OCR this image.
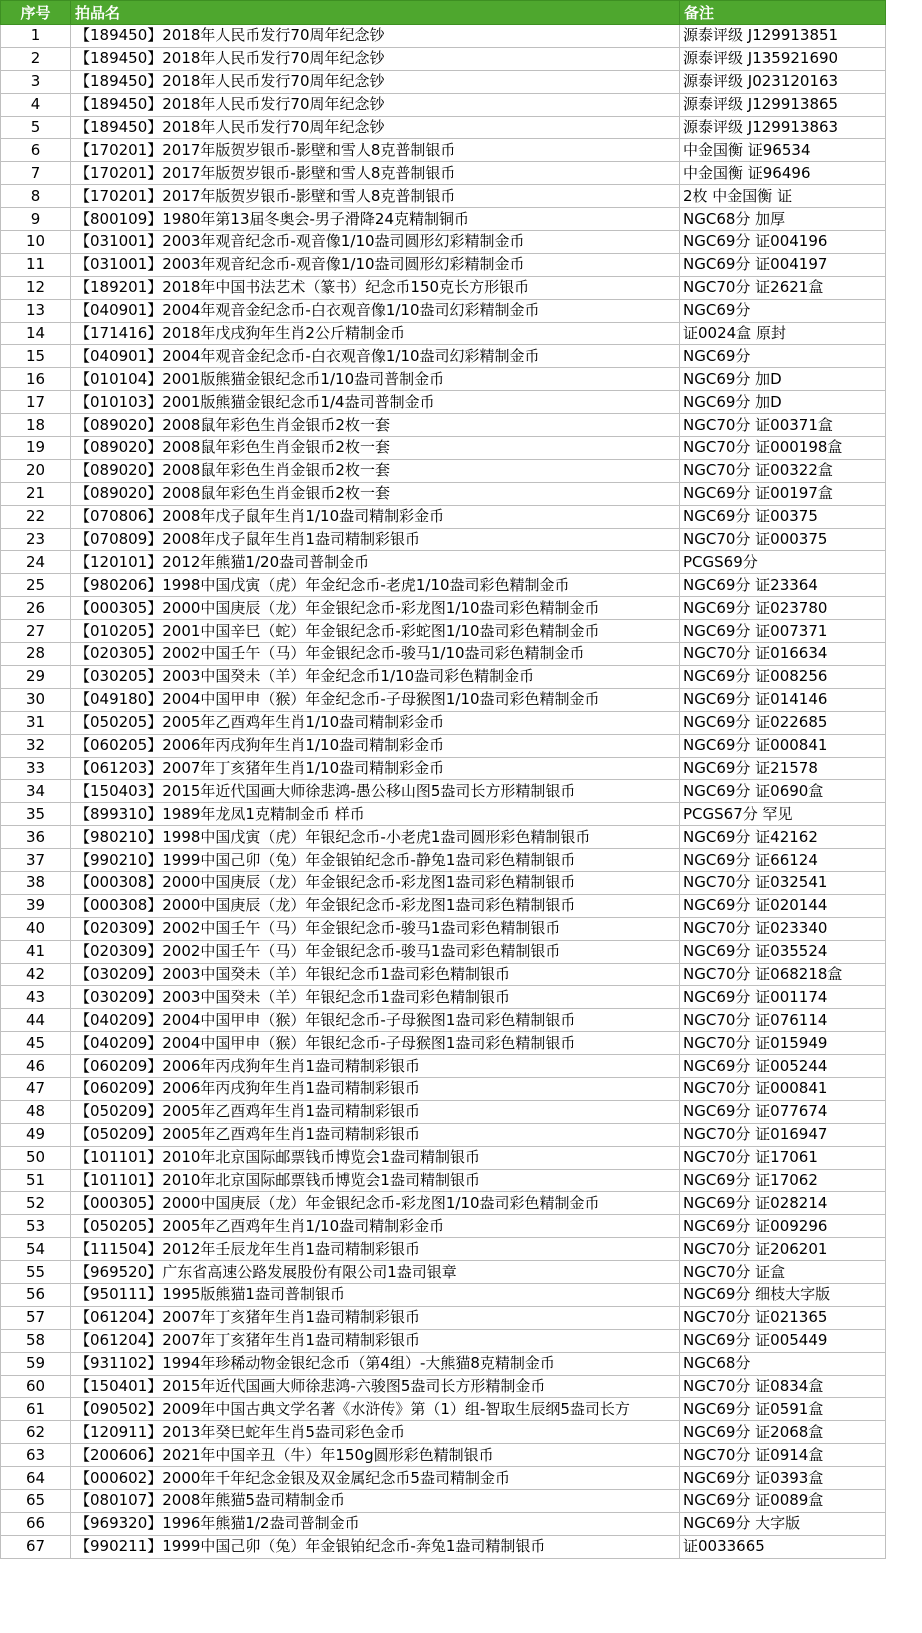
序号	拍品名	备注
1	【189450】2018年人民币发行70周年纪念钞	源泰评级 J129913851
2	【189450】2018年人民币发行70周年纪念钞	源泰评级 J135921690
3	【189450】2018年人民币发行70周年纪念钞	源泰评级 J023120163
4	【189450】2018年人民币发行70周年纪念钞	源泰评级 J129913865
5	【189450】2018年人民币发行70周年纪念钞	源泰评级 J129913863
6	【170201】2017年版贺岁银币-影壁和雪人8克普制银币	中金国衡 证96534
7	【170201】2017年版贺岁银币-影壁和雪人8克普制银币	中金国衡 证96496
8	【170201】2017年版贺岁银币-影壁和雪人8克普制银币	2枚 中金国衡 证
9	【800109】1980年第13届冬奥会-男子滑降24克精制铜币	NGC68分 加厚
10	【031001】2003年观音纪念币-观音像1/10盎司圆形幻彩精制金币	NGC69分 证004196
11	【031001】2003年观音纪念币-观音像1/10盎司圆形幻彩精制金币	NGC69分 证004197
12	【189201】2018年中国书法艺术（篆书）纪念币150克长方形银币	NGC70分 证2621盒
13	【040901】2004年观音金纪念币-白衣观音像1/10盎司幻彩精制金币	NGC69分
14	【171416】2018年戊戌狗年生肖2公斤精制金币	证0024盒 原封
15	【040901】2004年观音金纪念币-白衣观音像1/10盎司幻彩精制金币	NGC69分
16	【010104】2001版熊猫金银纪念币1/10盎司普制金币	NGC69分 加D
17	【010103】2001版熊猫金银纪念币1/4盎司普制金币	NGC69分 加D
18	【089020】2008鼠年彩色生肖金银币2枚一套	NGC70分 证00371盒
19	【089020】2008鼠年彩色生肖金银币2枚一套	NGC70分 证000198盒
20	【089020】2008鼠年彩色生肖金银币2枚一套	NGC70分 证00322盒
21	【089020】2008鼠年彩色生肖金银币2枚一套	NGC69分 证00197盒
22	【070806】2008年戊子鼠年生肖1/10盎司精制彩金币	NGC69分 证00375
23	【070809】2008年戊子鼠年生肖1盎司精制彩银币	NGC70分 证000375
24	【120101】2012年熊猫1/20盎司普制金币	PCGS69分
25	【980206】1998中国戊寅（虎）年金纪念币-老虎1/10盎司彩色精制金币	NGC69分 证23364
26	【000305】2000中国庚辰（龙）年金银纪念币-彩龙图1/10盎司彩色精制金币	NGC69分 证023780
27	【010205】2001中国辛巳（蛇）年金银纪念币-彩蛇图1/10盎司彩色精制金币	NGC69分 证007371
28	【020305】2002中国壬午（马）年金银纪念币-骏马1/10盎司彩色精制金币	NGC70分 证016634
29	【030205】2003中国癸未（羊）年金纪念币1/10盎司彩色精制金币	NGC69分 证008256
30	【049180】2004中国甲申（猴）年金纪念币-子母猴图1/10盎司彩色精制金币	NGC69分 证014146
31	【050205】2005年乙酉鸡年生肖1/10盎司精制彩金币	NGC69分 证022685
32	【060205】2006年丙戌狗年生肖1/10盎司精制彩金币	NGC69分 证000841
33	【061203】2007年丁亥猪年生肖1/10盎司精制彩金币	NGC69分 证21578
34	【150403】2015年近代国画大师徐悲鸿-愚公移山图5盎司长方形精制银币	NGC69分 证0690盒
35	【899310】1989年龙凤1克精制金币 样币	PCGS67分 罕见
36	【980210】1998中国戊寅（虎）年银纪念币-小老虎1盎司圆形彩色精制银币	NGC69分 证42162
37	【990210】1999中国己卯（兔）年金银铂纪念币-静兔1盎司彩色精制银币	NGC69分 证66124
38	【000308】2000中国庚辰（龙）年金银纪念币-彩龙图1盎司彩色精制银币	NGC70分 证032541
39	【000308】2000中国庚辰（龙）年金银纪念币-彩龙图1盎司彩色精制银币	NGC69分 证020144
40	【020309】2002中国壬午（马）年金银纪念币-骏马1盎司彩色精制银币	NGC70分 证023340
41	【020309】2002中国壬午（马）年金银纪念币-骏马1盎司彩色精制银币	NGC69分 证035524
42	【030209】2003中国癸未（羊）年银纪念币1盎司彩色精制银币	NGC70分 证068218盒
43	【030209】2003中国癸未（羊）年银纪念币1盎司彩色精制银币	NGC69分 证001174
44	【040209】2004中国甲申（猴）年银纪念币-子母猴图1盎司彩色精制银币	NGC70分 证076114
45	【040209】2004中国甲申（猴）年银纪念币-子母猴图1盎司彩色精制银币	NGC70分 证015949
46	【060209】2006年丙戌狗年生肖1盎司精制彩银币	NGC69分 证005244
47	【060209】2006年丙戌狗年生肖1盎司精制彩银币	NGC70分 证000841
48	【050209】2005年乙酉鸡年生肖1盎司精制彩银币	NGC69分 证077674
49	【050209】2005年乙酉鸡年生肖1盎司精制彩银币	NGC70分 证016947
50	【101101】2010年北京国际邮票钱币博览会1盎司精制银币	NGC70分 证17061
51	【101101】2010年北京国际邮票钱币博览会1盎司精制银币	NGC69分 证17062
52	【000305】2000中国庚辰（龙）年金银纪念币-彩龙图1/10盎司彩色精制金币	NGC69分 证028214
53	【050205】2005年乙酉鸡年生肖1/10盎司精制彩金币	NGC69分 证009296
54	【111504】2012年壬辰龙年生肖1盎司精制彩银币	NGC70分 证206201
55	【969520】广东省高速公路发展股份有限公司1盎司银章	NGC70分 证盒
56	【950111】1995版熊猫1盎司普制银币	NGC69分 细枝大字版
57	【061204】2007年丁亥猪年生肖1盎司精制彩银币	NGC70分 证021365
58	【061204】2007年丁亥猪年生肖1盎司精制彩银币	NGC69分 证005449
59	【931102】1994年珍稀动物金银纪念币（第4组）-大熊猫8克精制金币	NGC68分
60	【150401】2015年近代国画大师徐悲鸿-六骏图5盎司长方形精制金币	NGC70分 证0834盒
61	【090502】2009年中国古典文学名著《水浒传》第（1）组-智取生辰纲5盎司长方	NGC69分 证0591盒
62	【120911】2013年癸巳蛇年生肖5盎司彩色金币	NGC69分 证2068盒
63	【200606】2021年中国辛丑（牛）年150g圆形彩色精制银币	NGC70分 证0914盒
64	【000602】2000年千年纪念金银及双金属纪念币5盎司精制金币	NGC69分 证0393盒
65	【080107】2008年熊猫5盎司精制金币	NGC69分 证0089盒
66	【969320】1996年熊猫1/2盎司普制金币	NGC69分 大字版
67	【990211】1999中国己卯（兔）年金银铂纪念币-奔兔1盎司精制银币	证0033665
